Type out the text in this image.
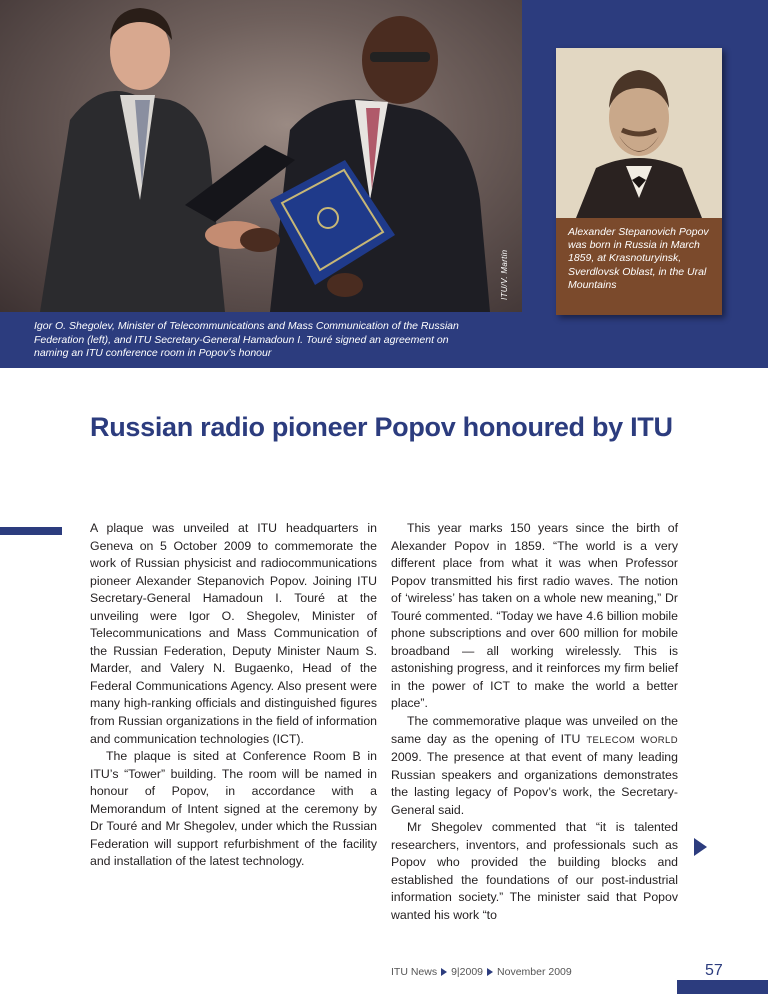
ITU/V. Martin

Alexander Stepanovich Popov was born in Russia in March 1859, at Krasnoturyinsk, Sverdlovsk Oblast, in the Ural Mountains

Igor O. Shegolev, Minister of Telecommunications and Mass Communication of the Russian Federation (left), and ITU Secretary-General Hamadoun I. Touré signed an agreement on naming an ITU conference room in Popov’s honour

Russian radio pioneer Popov honoured by ITU

A plaque was unveiled at ITU headquarters in Geneva on 5 October 2009 to commemorate the work of Russian physicist and radiocommunications pioneer Alexander Stepanovich Popov. Joining ITU Secretary-General Hamadoun I. Touré at the unveiling were Igor O. Shegolev, Minister of Telecommunications and Mass Communication of the Russian Federation, Deputy Minister Naum S. Marder, and Valery N. Bugaenko, Head of the Federal Communications Agency. Also present were many high-ranking officials and distinguished figures from Russian organizations in the field of information and communication technologies (ICT).

The plaque is sited at Conference Room B in ITU’s “Tower” building. The room will be named in honour of Popov, in accordance with a Memorandum of Intent signed at the ceremony by Dr Touré and Mr Shegolev, under which the Russian Federation will support refurbishment of the facility and installation of the latest technology.

This year marks 150 years since the birth of Alexander Popov in 1859. “The world is a very different place from what it was when Professor Popov transmitted his first radio waves. The notion of ‘wireless’ has taken on a whole new meaning,” Dr Touré commented. “Today we have 4.6 billion mobile phone subscriptions and over 600 million for mobile broadband — all working wirelessly. This is astonishing progress, and it reinforces my firm belief in the power of ICT to make the world a better place”.

The commemorative plaque was unveiled on the same day as the opening of ITU TELECOM WORLD 2009. The presence at that event of many leading Russian speakers and organizations demonstrates the lasting legacy of Popov’s work, the Secretary-General said.

Mr Shegolev commented that “it is talented researchers, inventors, and professionals such as Popov who provided the building blocks and established the foundations of our post-industrial information society.” The minister said that Popov wanted his work “to

ITU News 9|2009 November 2009	57
